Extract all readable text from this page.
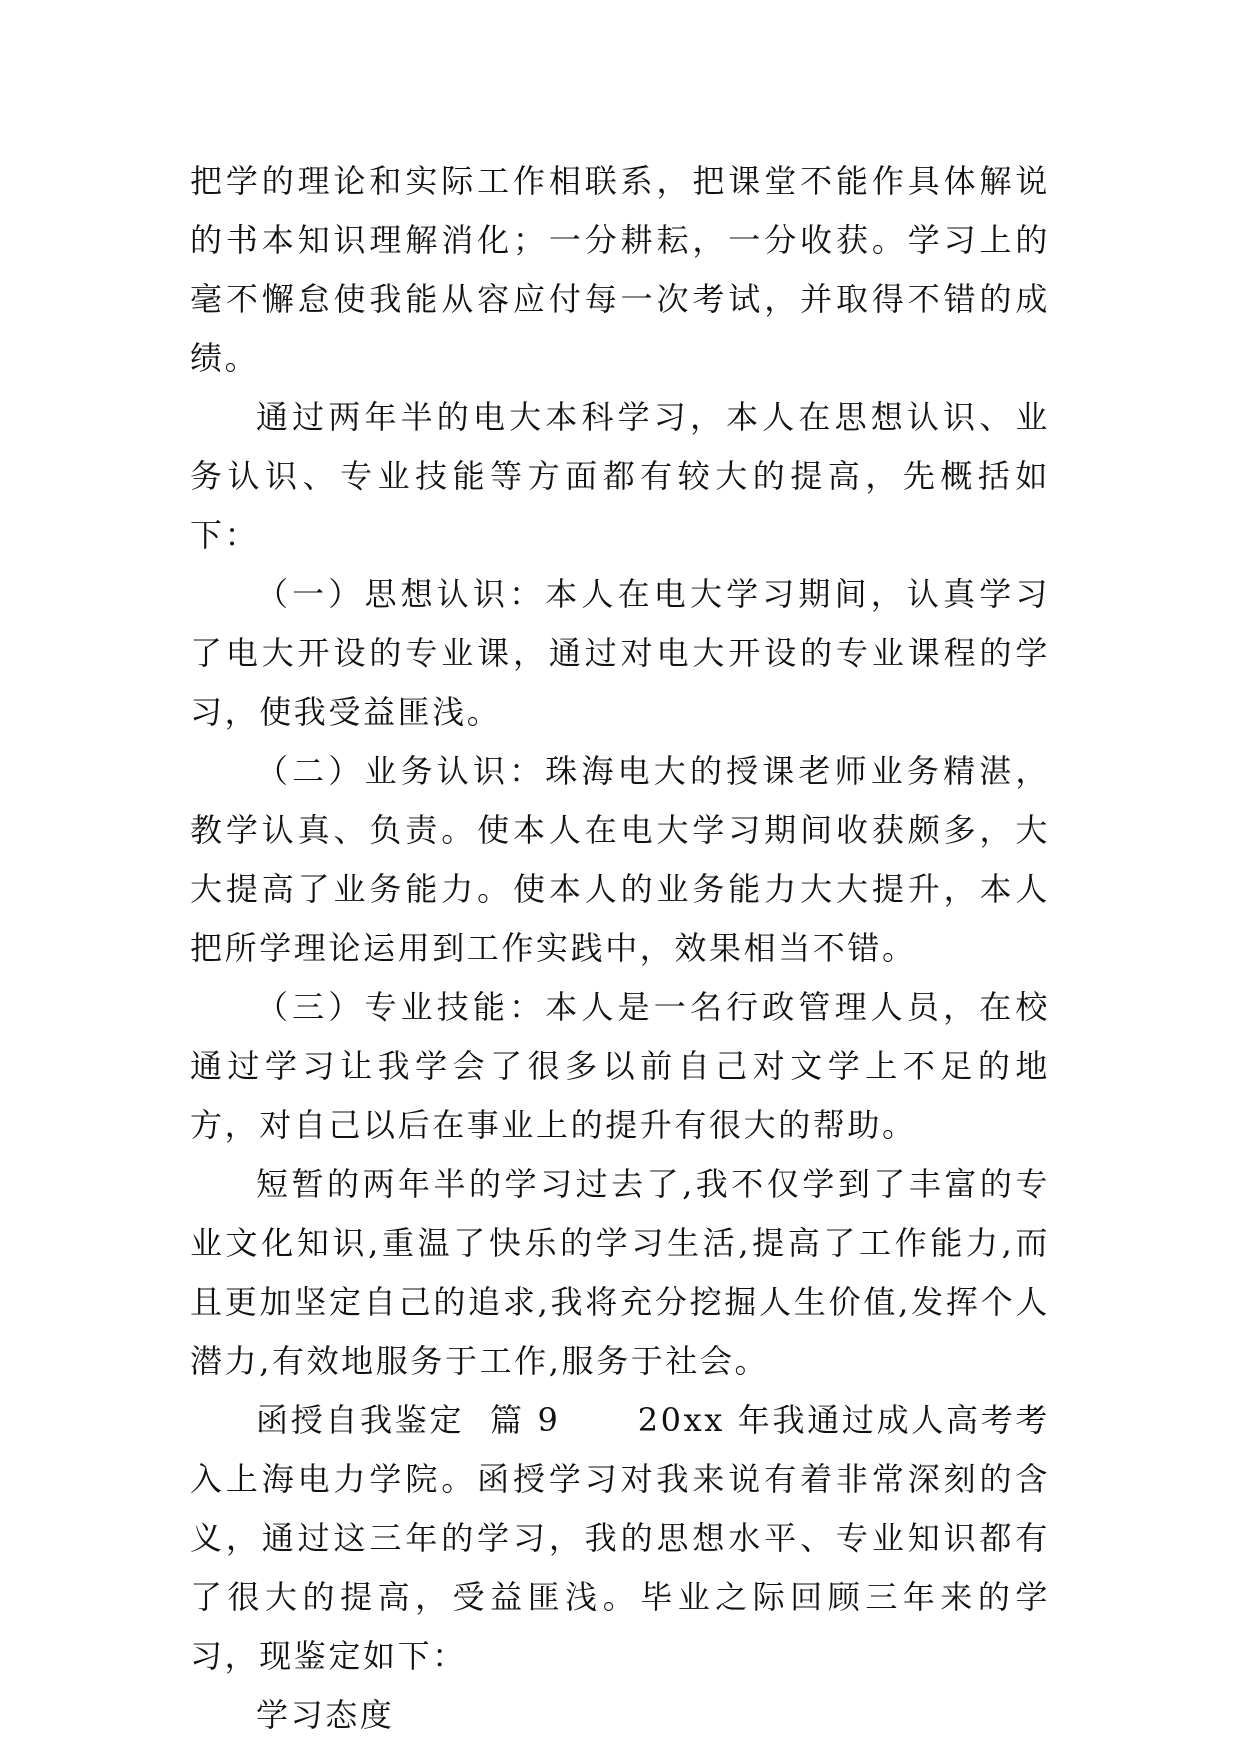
把学的理论和实际工作相联系，把课堂不能作具体解说的书本知识理解消化；一分耕耘，一分收获。学习上的毫不懈怠使我能从容应付每一次考试，并取得不错的成绩。

通过两年半的电大本科学习，本人在思想认识、业务认识、专业技能等方面都有较大的提高，先概括如下：

（一）思想认识：本人在电大学习期间，认真学习了电大开设的专业课，通过对电大开设的专业课程的学习，使我受益匪浅。

（二）业务认识：珠海电大的授课老师业务精湛，教学认真、负责。使本人在电大学习期间收获颇多，大大提高了业务能力。使本人的业务能力大大提升，本人把所学理论运用到工作实践中，效果相当不错。

（三）专业技能：本人是一名行政管理人员，在校通过学习让我学会了很多以前自己对文学上不足的地方，对自己以后在事业上的提升有很大的帮助。

短暂的两年半的学习过去了,我不仅学到了丰富的专业文化知识,重温了快乐的学习生活,提高了工作能力,而且更加坚定自己的追求,我将充分挖掘人生价值,发挥个人潜力,有效地服务于工作,服务于社会。

函授自我鉴定  篇 9      20xx 年我通过成人高考考入上海电力学院。函授学习对我来说有着非常深刻的含义，通过这三年的学习，我的思想水平、专业知识都有了很大的提高，受益匪浅。毕业之际回顾三年来的学习，现鉴定如下：

学习态度
